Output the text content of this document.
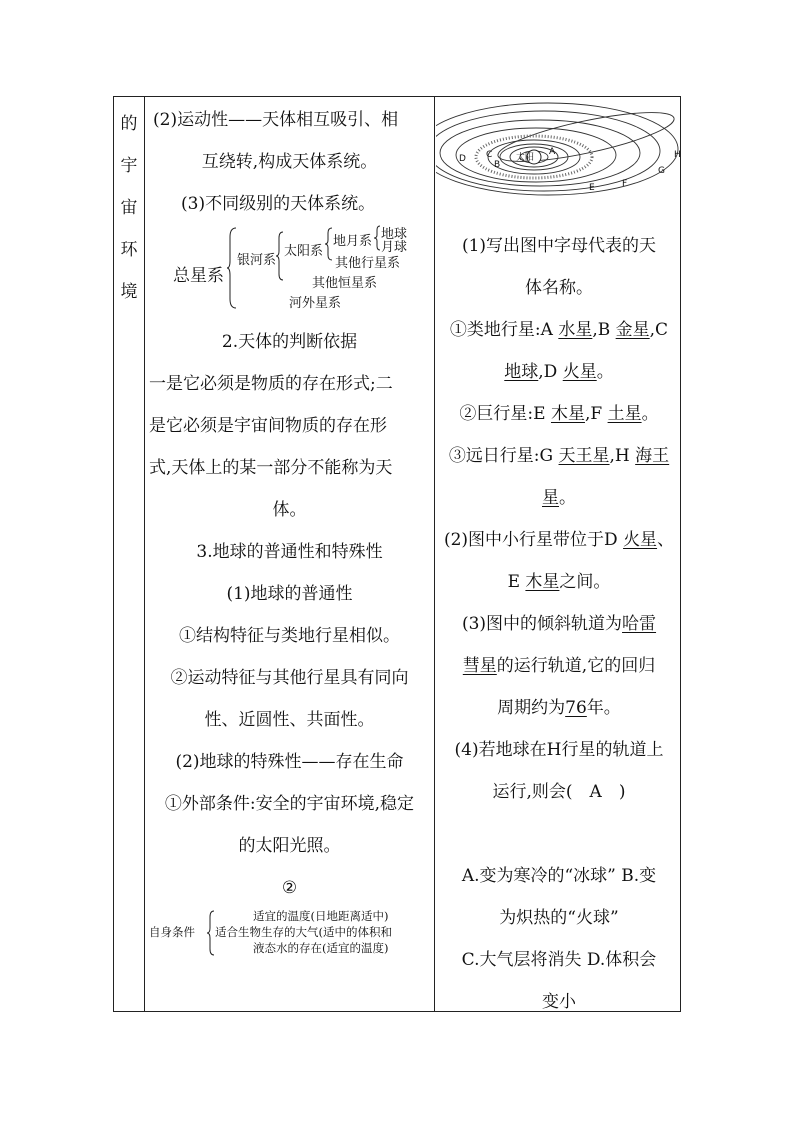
的
宇
宙
环
境
(2)运动性——天体相互吸引、相
互绕转,构成天体系统。
(3)不同级别的天体系统。
总星系
银河系
太阳系
地月系 地球
月球
其他行星系
其他恒星系
河外星系
2.天体的判断依据
一是它必须是物质的存在形式;二
是它必须是宇宙间物质的存在形
式,天体上的某一部分不能称为天
体。
3.地球的普通性和特殊性
(1)地球的普通性
①结构特征与类地行星相似。
②运动特征与其他行星具有同向
性、近圆性、共面性。
(2)地球的特殊性——存在生命
①外部条件:安全的宇宙环境,稳定
的太阳光照。
②
自身条件
适宜的温度(日地距离适中)
适合生物生存的大气(适中的体积和
液态水的存在(适宜的温度)
太阳
A
B
C
D
E	F
G
H
(1)写出图中字母代表的天
体名称。
①类地行星:A 水星,B 金星,C
地球,D 火星。
②巨行星:E 木星,F 土星。
③远日行星:G 天王星,H 海王
星。
(2)图中小行星带位于D 火星、
E 木星之间。
(3)图中的倾斜轨道为哈雷
彗星的运行轨道,它的回归
周期约为76年。
(4)若地球在H行星的轨道上
运行,则会(　A　)
A.变为寒冷的“冰球” B.变
为炽热的“火球”
C.大气层将消失 D.体积会
变小
